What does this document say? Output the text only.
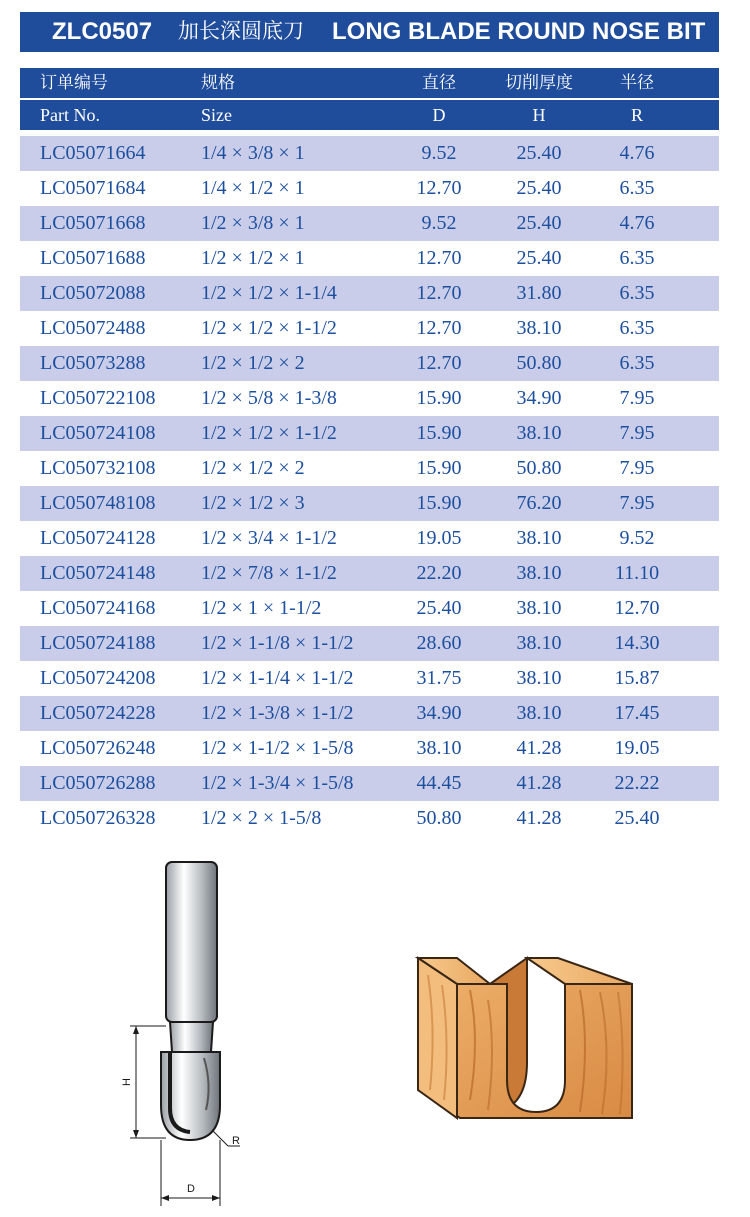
ZLC0507 加长深圆底刀 LONG BLADE ROUND NOSE BIT
订单编号	规格	直径	切削厚度	半径
Part No.	Size	D	H	R
LC05071664	1/4 × 3/8 × 1	9.52	25.40	4.76
LC05071684	1/4 × 1/2 × 1	12.70	25.40	6.35
LC05071668	1/2 × 3/8 × 1	9.52	25.40	4.76
LC05071688	1/2 × 1/2 × 1	12.70	25.40	6.35
LC05072088	1/2 × 1/2 × 1-1/4	12.70	31.80	6.35
LC05072488	1/2 × 1/2 × 1-1/2	12.70	38.10	6.35
LC05073288	1/2 × 1/2 × 2	12.70	50.80	6.35
LC050722108 1/2 × 5/8 × 1-3/8	15.90	34.90	7.95
LC050724108 1/2 × 1/2 × 1-1/2	15.90	38.10	7.95
LC050732108 1/2 × 1/2 × 2	15.90	50.80	7.95
LC050748108 1/2 × 1/2 × 3	15.90	76.20	7.95
LC050724128 1/2 × 3/4 × 1-1/2	19.05	38.10	9.52
LC050724148 1/2 × 7/8 × 1-1/2	22.20	38.10	11.10
LC050724168 1/2 × 1 × 1-1/2	25.40	38.10	12.70
LC050724188 1/2 × 1-1/8 × 1-1/2	28.60	38.10	14.30
LC050724208 1/2 × 1-1/4 × 1-1/2	31.75	38.10	15.87
LC050724228 1/2 × 1-3/8 × 1-1/2	34.90	38.10	17.45
LC050726248 1/2 × 1-1/2 × 1-5/8	38.10	41.28	19.05
LC050726288 1/2 × 1-3/4 × 1-5/8	44.45	41.28	22.22
LC050726328 1/2 × 2 × 1-5/8	50.80	41.28	25.40
H
D
R
